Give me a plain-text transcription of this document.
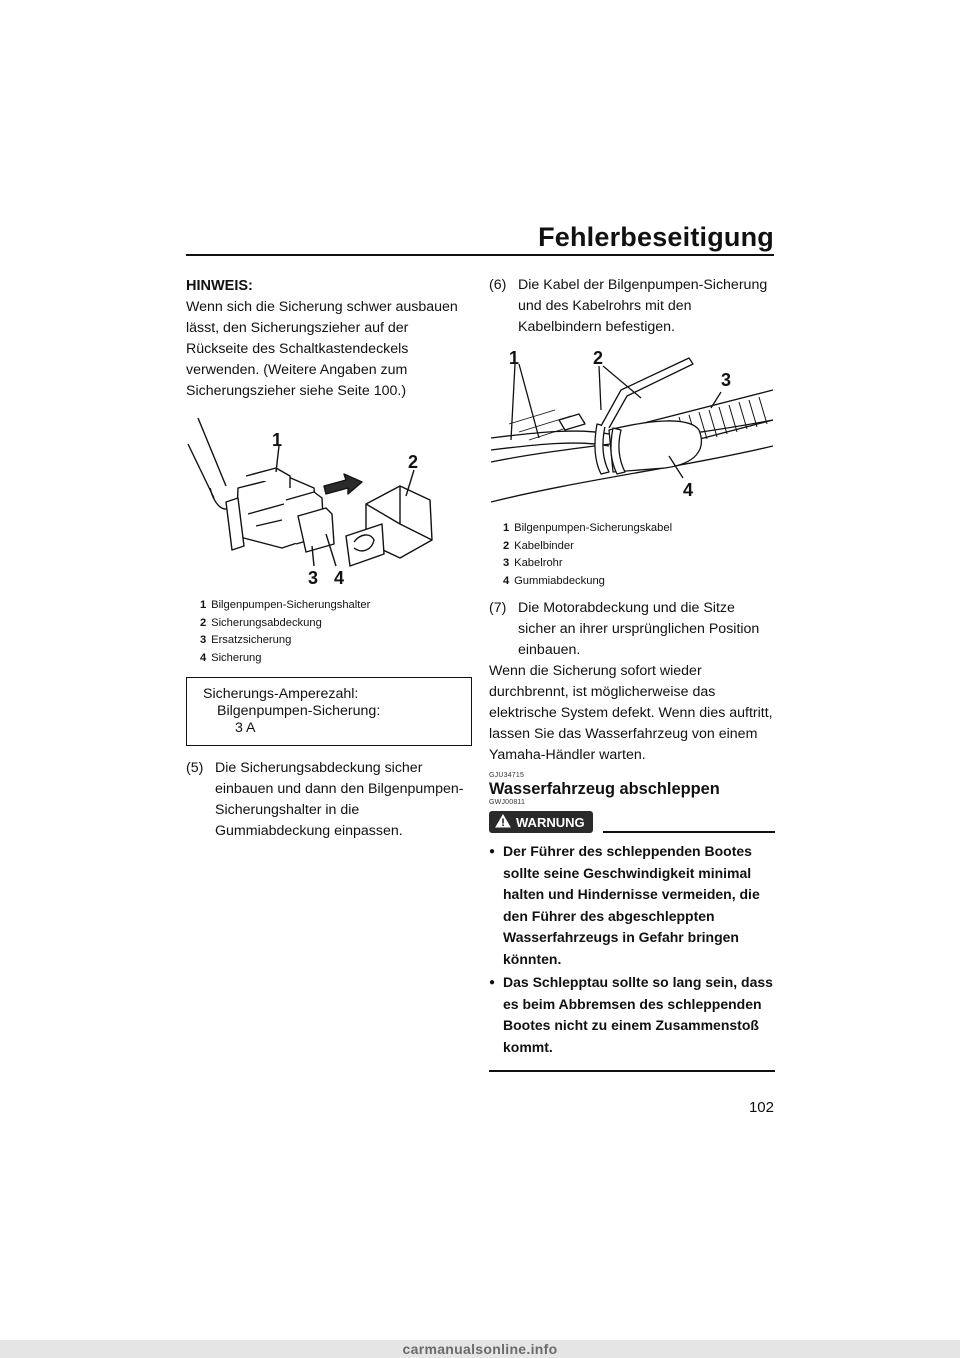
Fehlerbeseitigung
HINWEIS:

Wenn sich die Sicherung schwer ausbauen lässt, den Sicherungszieher auf der Rückseite des Schaltkastendeckels verwenden. (Weitere Angaben zum Sicherungszieher siehe Seite 100.)

1
2
3 4
1 Bilgenpumpen-Sicherungshalter
2 Sicherungsabdeckung
3 Ersatzsicherung
4 Sicherung
Sicherungs-Amperezahl:
Bilgenpumpen-Sicherung:
3 A
(5) Die Sicherungsabdeckung sicher einbauen und dann den Bilgenpumpen-Sicherungshalter in die Gummiabdeckung einpassen.
(6) Die Kabel der Bilgenpumpen-Sicherung und des Kabelrohrs mit den Kabelbindern befestigen.
1	2
3
4
1 Bilgenpumpen-Sicherungskabel
2 Kabelbinder
3 Kabelrohr
4 Gummiabdeckung
(7) Die Motorabdeckung und die Sitze sicher an ihrer ursprünglichen Position einbauen.

Wenn die Sicherung sofort wieder durchbrennt, ist möglicherweise das elektrische System defekt. Wenn dies auftritt, lassen Sie das Wasserfahrzeug von einem Yamaha-Händler warten.

GJU34715
Wasserfahrzeug abschleppen
GWJ00811
WARNUNG
● Der Führer des schleppenden Bootes sollte seine Geschwindigkeit minimal halten und Hindernisse vermeiden, die den Führer des abgeschleppten Wasserfahrzeugs in Gefahr bringen könnten.
● Das Schlepptau sollte so lang sein, dass es beim Abbremsen des schleppenden Bootes nicht zu einem Zusammenstoß kommt.
102
carmanualsonline.info
